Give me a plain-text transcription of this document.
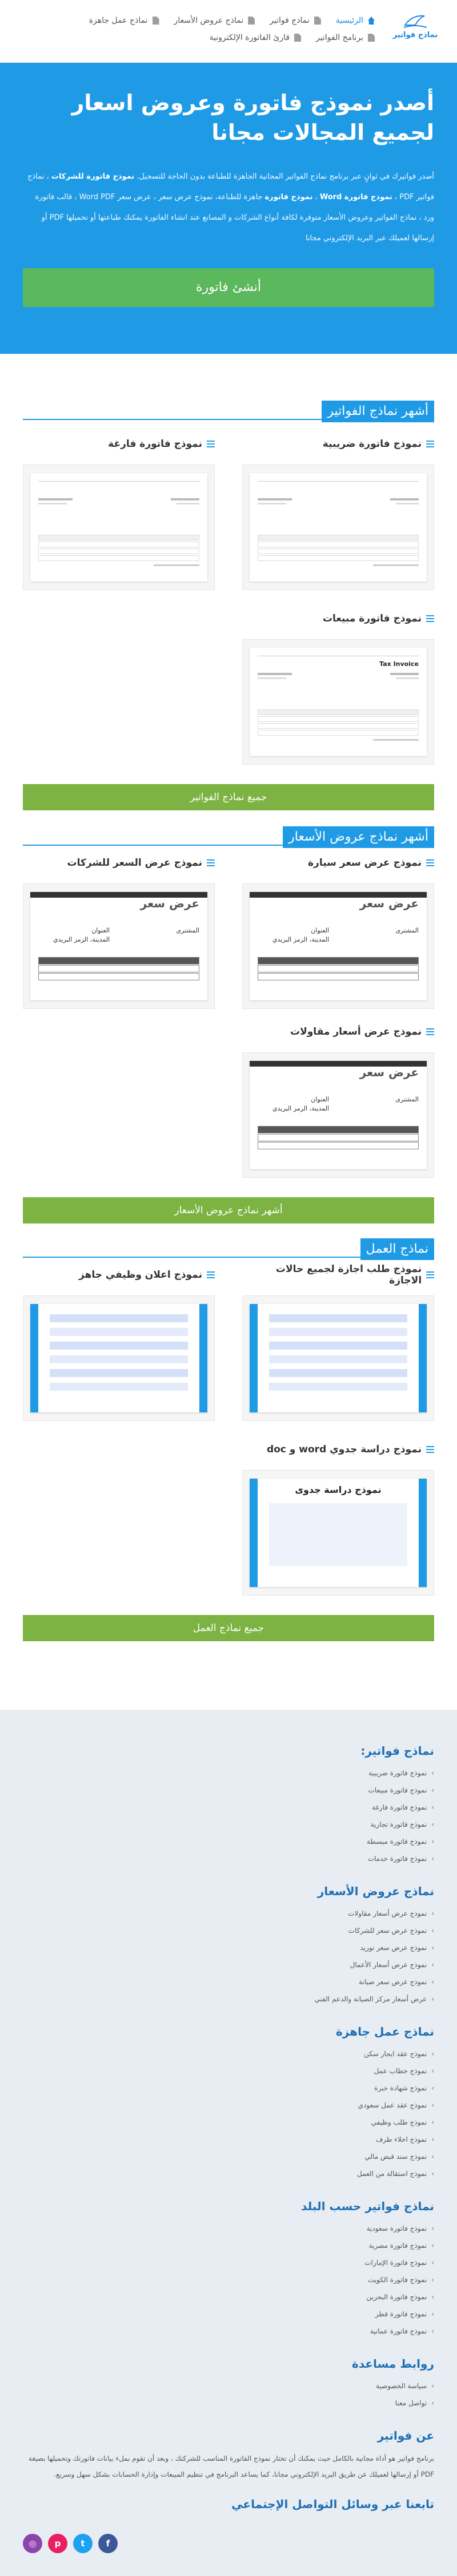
نماذج فواتير
الرئيسية
نماذج فواتير
نماذج عروض الأسعار
نماذج عمل جاهزة
برنامج الفواتير
قارئ الفاتورة الإلكترونية
أصدر نموذج فاتورة وعروض اسعار لجميع المجالات مجانا

أصدر فواتيرك في ثوانٍ عبر برنامج نماذج الفواتير المجانية الجاهزة للطباعة بدون الحاجة للتسجيل. نموذج فاتورة للشركات ، نماذج فواتير PDF ، نموذج فاتورة Word ، نموذج فاتورة جاهزة للطباعة، نموذج عرض سعر ، عرض سعر Word PDF ، قالب فاتورة ورد ، نماذج الفواتير وعروض الأسعار متوفرة لكافة أنواع الشركات و المصانع عند انشاء الفاتورة يمكنك طباعتها أو تحميلها PDF أو إرسالها لعميلك عبر البريد الإلكتروني مجانا

أنشئ فاتورة
أشهر نماذج الفواتير
نموذج فاتورة ضريبية
نموذج فاتورة فارغة
نموذج فاتورة مبيعات
Tax Invoice
جميع نماذج الفواتير
أشهر نماذج عروض الأسعار
نموذج عرض سعر سيارة
عرض سعر
المشترى
العنوان
المدينة، الرمز البريدي
نموذج عرض السعر للشركات
عرض سعر
المشترى
العنوان
المدينة، الرمز البريدي
نموذج عرض أسعار مقاولات
عرض سعر
المشترى
العنوان
المدينة، الرمز البريدي
أشهر نماذج عروض الأسعار
نماذج العمل
نموذج طلب اجازة لجميع حالات الاجازة
نموذج اعلان وظيفي جاهز
نموذج دراسة جدوي word و doc
نموذج دراسة جدوى
جميع نماذج العمل
نماذج فواتير:
› نموذج فاتورة ضريبية
› نموذج فاتورة مبيعات
› نموذج فاتورة فارغة
› نموذج فاتورة تجارية
› نموذج فاتورة مبسطة
› نموذج فاتورة خدمات
نماذج عروض الأسعار
› نموذج عرض أسعار مقاولات
› نموذج عرض سعر للشركات
› نموذج عرض سعر توريد
› نموذج عرض أسعار الأعمال
› نموذج عرض سعر صيانة
› عرض أسعار مركز الصيانة والدعم الفني
نماذج عمل جاهزة
› نموذج عقد ايجار سكن
› نموذج خطاب عمل
› نموذج شهادة خبرة
› نموذج عقد عمل سعودي
› نموذج طلب وظيفي
› نموذج اخلاء طرف
› نموذج سند قبض مالي
› نموذج استقالة من العمل
نماذج فواتير حسب البلد
› نموذج فاتورة سعودية
› نموذج فاتورة مصرية
› نموذج فاتورة الإمارات
› نموذج فاتورة الكويت
› نموذج فاتورة البحرين
› نموذج فاتورة قطر
› نموذج فاتورة عمانية
روابط مساعدة
› سياسة الخصوصية
› تواصل معنا
عن فواتير
برنامج فواتير هو أداة مجانية بالكامل حيث يمكنك أن تختار نموذج الفاتورة المناسب للشركتك ، وبعد أن تقوم بملء بيانات فاتورتك وتحميلها بصيغة PDF أو إرسالها لعميلك عن طريق البريد الإلكتروني مجانا، كما يساعد البرنامج في تنظيم المبيعات وإدارة الحسابات بشكل سهل وسريع.
تابعنا عبر وسائل التواصل الإجتماعي
f
t
p
◎
